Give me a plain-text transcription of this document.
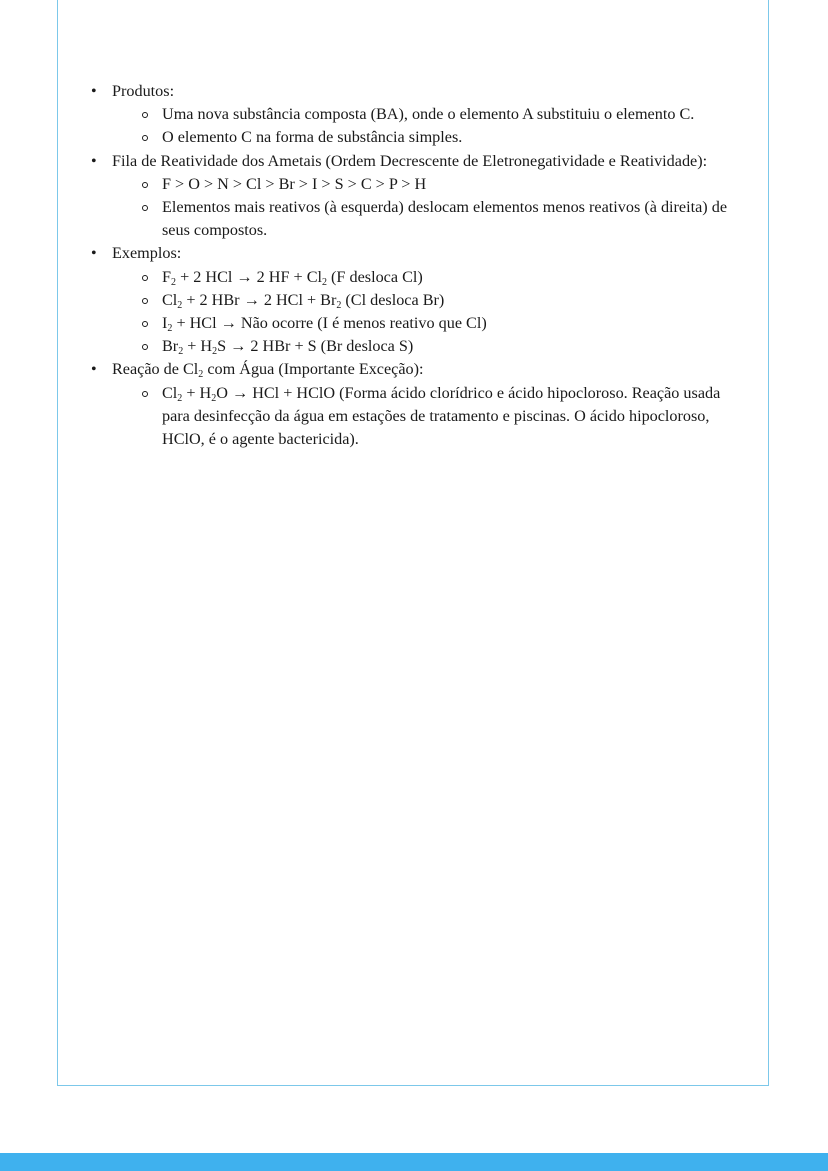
• Produtos:
Uma nova substância composta (BA), onde o elemento A substituiu o elemento C.
O elemento C na forma de substância simples.
• Fila de Reatividade dos Ametais (Ordem Decrescente de Eletronegatividade e Reatividade):
F > O > N > Cl > Br > I > S > C > P > H
Elementos mais reativos (à esquerda) deslocam elementos menos reativos (à direita) de seus compostos.
• Exemplos:
$F_2 + 2$ HCl → 2 HF + $Cl_2$ (F desloca Cl)
$Cl_2 + 2$ HBr → 2 HCl + $Br_2$ (Cl desloca Br)
$I_2$ + HCl → Não ocorre (I é menos reativo que Cl)
$Br_2 + H_2S \to 2$ HBr + S (Br desloca S)
• Reação de $Cl_2$ com Água (Importante Exceção):
$Cl_2 + H_2O$ → HCl + HClO (Forma ácido clorídrico e ácido hipocloroso. Reação usada para desinfecção da água em estações de tratamento e piscinas. O ácido hipocloroso, HClO, é o agente bactericida).
